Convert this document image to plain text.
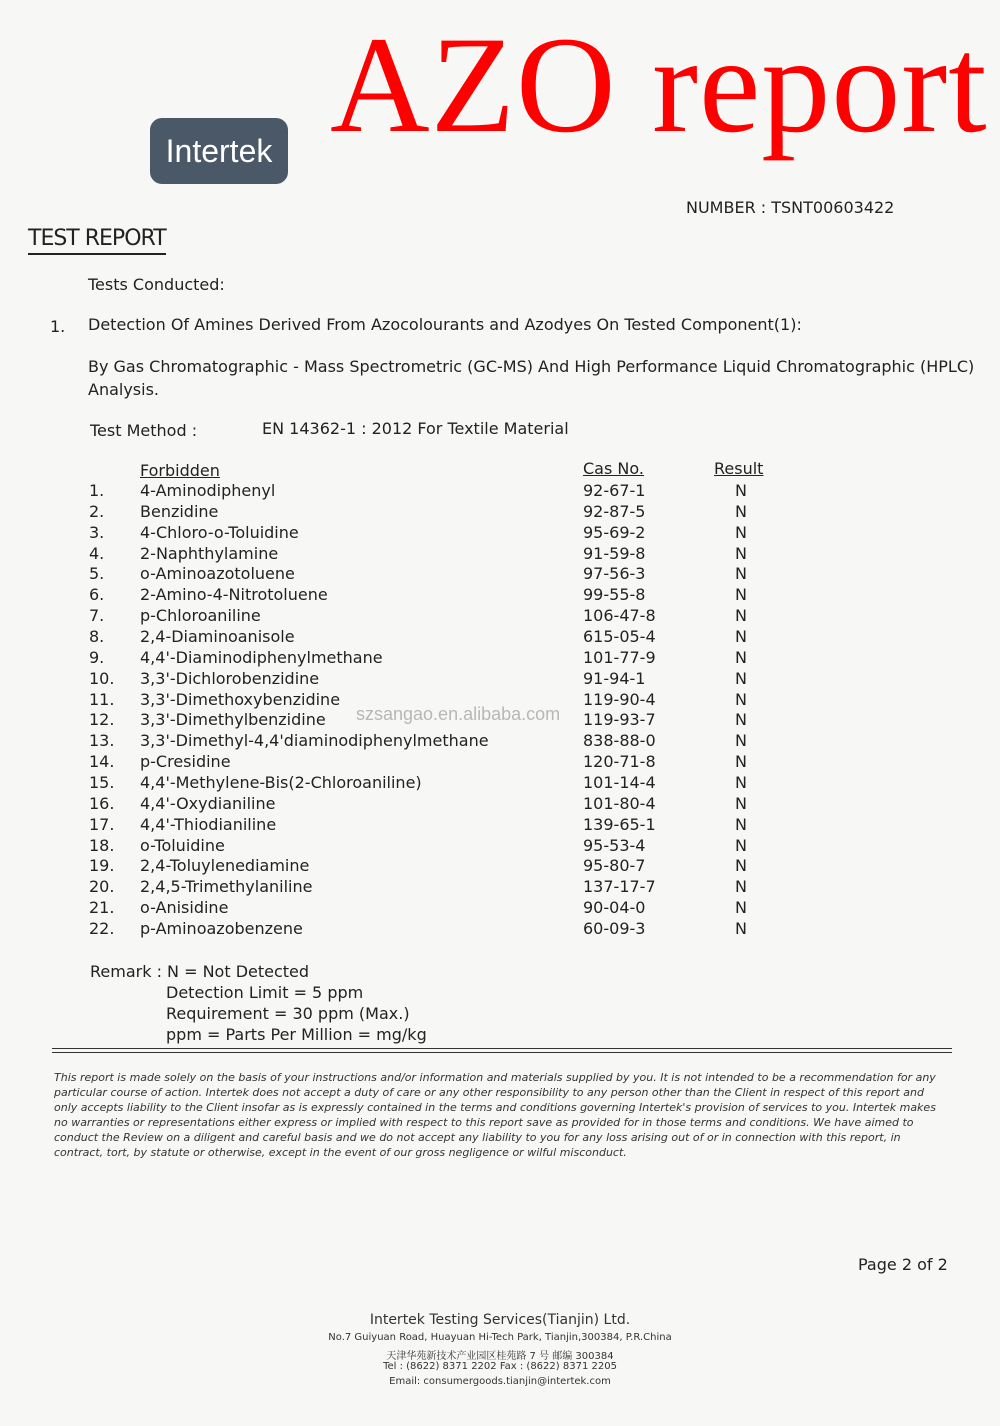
AZO report
Intertek
NUMBER : TSNT00603422
TEST REPORT
Tests Conducted:
1. Detection Of Amines Derived From Azocolourants and Azodyes On Tested Component(1):
By Gas Chromatographic - Mass Spectrometric (GC-MS) And High Performance Liquid Chromatographic (HPLC)
Analysis.
Test Method :	EN 14362-1 : 2012 For Textile Material
Forbidden	Cas No.	Result
1. 4-Aminodiphenyl	92-67-1	N
2. Benzidine	92-87-5	N
3. 4-Chloro-o-Toluidine	95-69-2	N
4. 2-Naphthylamine	91-59-8	N
5. o-Aminoazotoluene	97-56-3	N
6. 2-Amino-4-Nitrotoluene	99-55-8	N
7. p-Chloroaniline	106-47-8	N
8. 2,4-Diaminoanisole	615-05-4	N
9. 4,4'-Diaminodiphenylmethane	101-77-9	N
10. 3,3'-Dichlorobenzidine	91-94-1	N
11. 3,3'-Dimethoxybenzidine	119-90-4	N
12. 3,3'-Dimethylbenzidine	119-93-7	N
13. 3,3'-Dimethyl-4,4'diaminodiphenylmethane	838-88-0	N
14. p-Cresidine	120-71-8	N
15. 4,4'-Methylene-Bis(2-Chloroaniline)	101-14-4	N
16. 4,4'-Oxydianiline	101-80-4	N
17. 4,4'-Thiodianiline	139-65-1	N
18. o-Toluidine	95-53-4	N
19. 2,4-Toluylenediamine	95-80-7	N
20. 2,4,5-Trimethylaniline	137-17-7	N
21. o-Anisidine	90-04-0	N
22. p-Aminoazobenzene	60-09-3	N
szsangao.en.alibaba.com
Remark : N = Not Detected
Detection Limit = 5 ppm
Requirement = 30 ppm (Max.)
ppm = Parts Per Million = mg/kg
This report is made solely on the basis of your instructions and/or information and materials supplied by you. It is not intended to be a recommendation for any particular course of action. Intertek does not accept a duty of care or any other responsibility to any person other than the Client in respect of this report and only accepts liability to the Client insofar as is expressly contained in the terms and conditions governing Intertek's provision of services to you. Intertek makes no warranties or representations either express or implied with respect to this report save as provided for in those terms and conditions. We have aimed to conduct the Review on a diligent and careful basis and we do not accept any liability to you for any loss arising out of or in connection with this report, in contract, tort, by statute or otherwise, except in the event of our gross negligence or wilful misconduct.
Page 2 of 2
Intertek Testing Services(Tianjin) Ltd.
No.7 Guiyuan Road, Huayuan Hi-Tech Park, Tianjin,300384, P.R.China
天津华苑新技术产业园区桂苑路 7 号 邮编 300384
Tel : (8622) 8371 2202 Fax : (8622) 8371 2205
Email: consumergoods.tianjin@intertek.com
